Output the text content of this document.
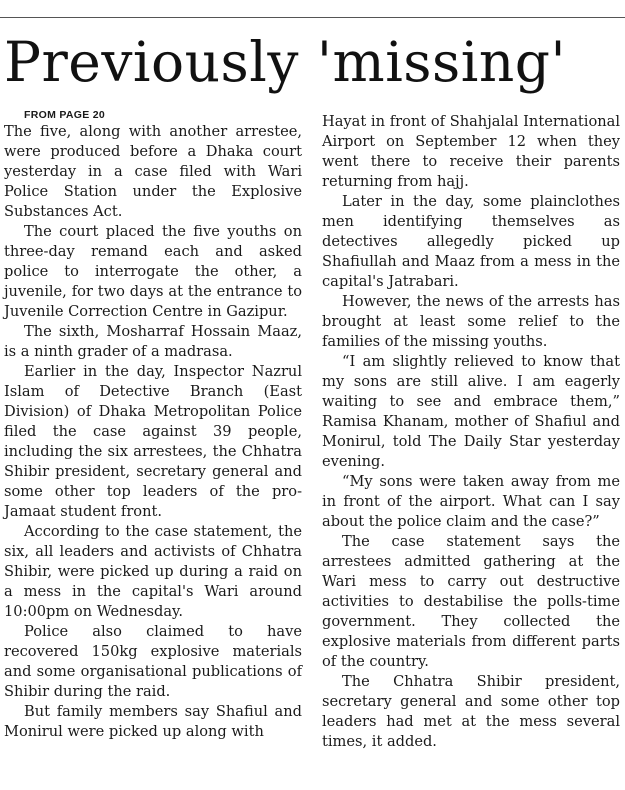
Previously 'missing'

FROM PAGE 20

The five, along with another arrestee, were produced before a Dhaka court yesterday in a case filed with Wari Police Station under the Explosive Substances Act.

The court placed the five youths on three-day remand each and asked police to interrogate the other, a juvenile, for two days at the entrance to Juvenile Correction Centre in Gazipur.

The sixth, Mosharraf Hossain Maaz, is a ninth grader of a madrasa.

Earlier in the day, Inspector Nazrul Islam of Detective Branch (East Division) of Dhaka Metropolitan Police filed the case against 39 people, including the six arrestees, the Chhatra Shibir president, secretary general and some other top leaders of the pro-Jamaat student front.

According to the case statement, the six, all leaders and activists of Chhatra Shibir, were picked up during a raid on a mess in the capital's Wari around 10:00pm on Wednesday.

Police also claimed to have recovered 150kg explosive materials and some organisational publications of Shibir during the raid.

But family members say Shafiul and Monirul were picked up along with

Hayat in front of Shahjalal International Airport on September 12 when they went there to receive their parents returning from hajj.

Later in the day, some plainclothes men identifying themselves as detectives allegedly picked up Shafiullah and Maaz from a mess in the capital's Jatrabari.

However, the news of the arrests has brought at least some relief to the families of the missing youths.

“I am slightly relieved to know that my sons are still alive. I am eagerly waiting to see and embrace them,” Ramisa Khanam, mother of Shafiul and Monirul, told The Daily Star yesterday evening.

“My sons were taken away from me in front of the airport. What can I say about the police claim and the case?”

The case statement says the arrestees admitted gathering at the Wari mess to carry out destructive activities to destabilise the polls-time government. They collected the explosive materials from different parts of the country.

The Chhatra Shibir president, secretary general and some other top leaders had met at the mess several times, it added.
